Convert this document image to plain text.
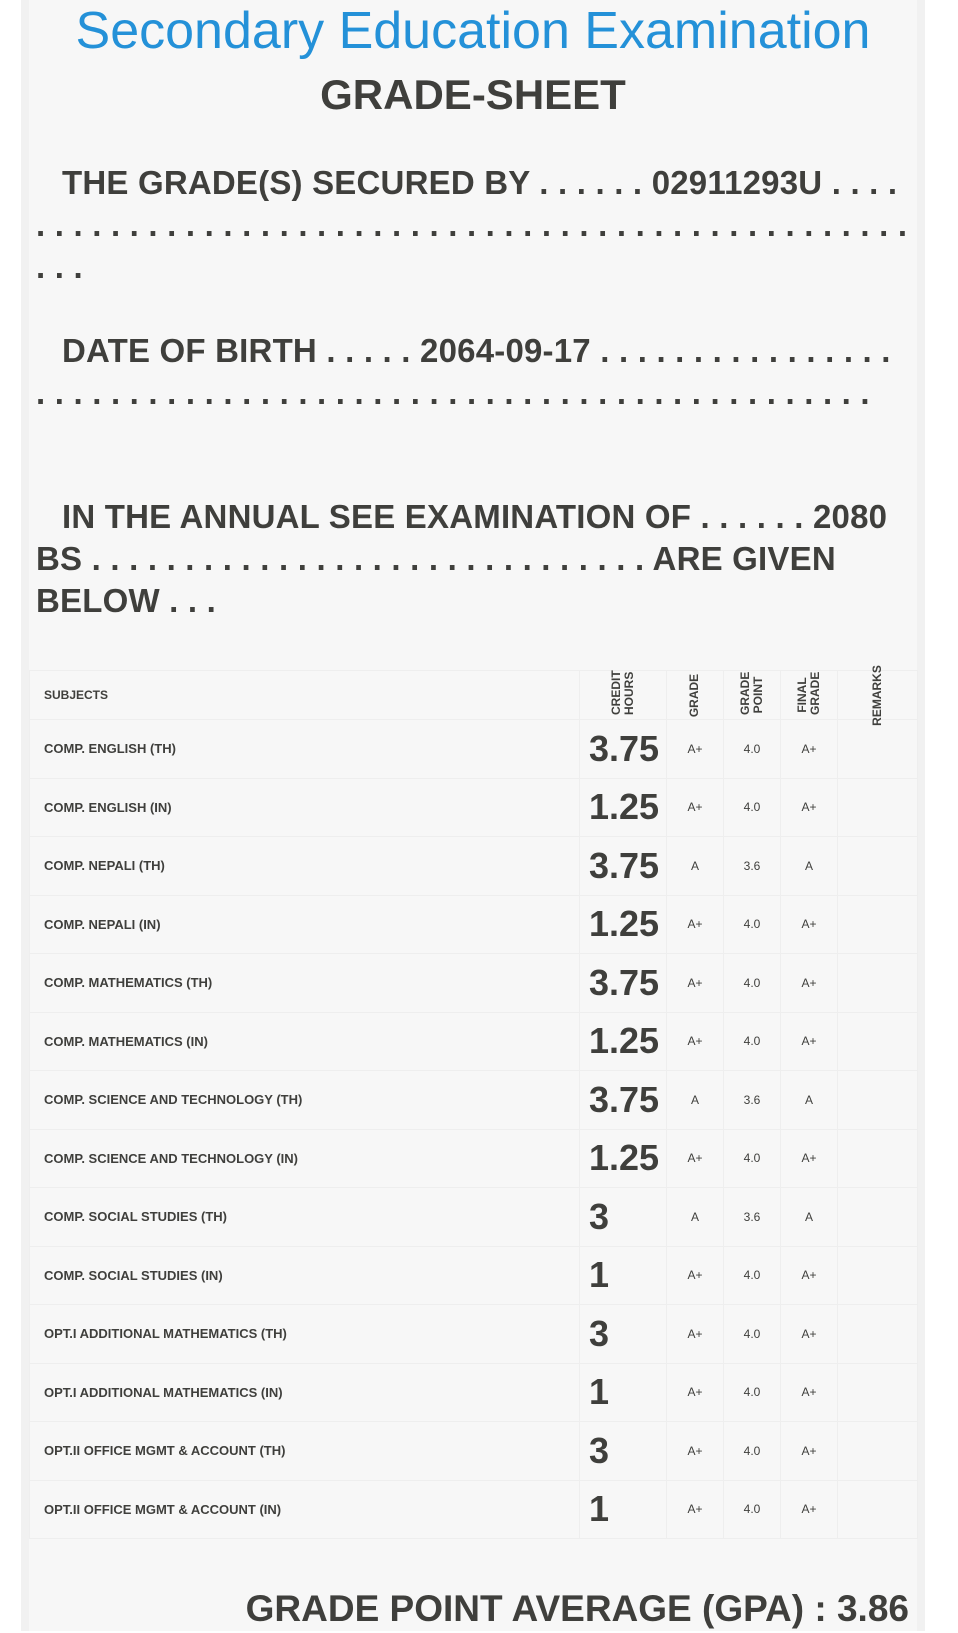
Secondary Education Examination
GRADE-SHEET
THE GRADE(S) SECURED BY . . . . . . 02911293U . . . . . . . . . . . . . . . . . . . . . . . . . . . . . . . . . . . . . . . . . . . . . . . . . . . . . .
DATE OF BIRTH . . . . . 2064-09-17 . . . . . . . . . . . . . . . . . . . . . . . . . . . . . . . . . . . . . . . . . . . . . . . . . . . . . . . . . . . . .
IN THE ANNUAL SEE EXAMINATION OF . . . . . . 2080 BS . . . . . . . . . . . . . . . . . . . . . . . . . . . . . . ARE GIVEN BELOW . . .
SUBJECTS	CREDIT HOURS	GRADE	GRADE POINT	FINAL GRADE	REMARKS
COMP. ENGLISH (TH)	3.75	A+	4.0	A+	
COMP. ENGLISH (IN)	1.25	A+	4.0	A+	
COMP. NEPALI (TH)	3.75	A	3.6	A	
COMP. NEPALI (IN)	1.25	A+	4.0	A+	
COMP. MATHEMATICS (TH)	3.75	A+	4.0	A+	
COMP. MATHEMATICS (IN)	1.25	A+	4.0	A+	
COMP. SCIENCE AND TECHNOLOGY (TH)	3.75	A	3.6	A	
COMP. SCIENCE AND TECHNOLOGY (IN)	1.25	A+	4.0	A+	
COMP. SOCIAL STUDIES (TH)	3	A	3.6	A	
COMP. SOCIAL STUDIES (IN)	1	A+	4.0	A+	
OPT.I ADDITIONAL MATHEMATICS (TH)	3	A+	4.0	A+	
OPT.I ADDITIONAL MATHEMATICS (IN)	1	A+	4.0	A+	
OPT.II OFFICE MGMT & ACCOUNT (TH)	3	A+	4.0	A+	
OPT.II OFFICE MGMT & ACCOUNT (IN)	1	A+	4.0	A+	
GRADE POINT AVERAGE (GPA) : 3.86
